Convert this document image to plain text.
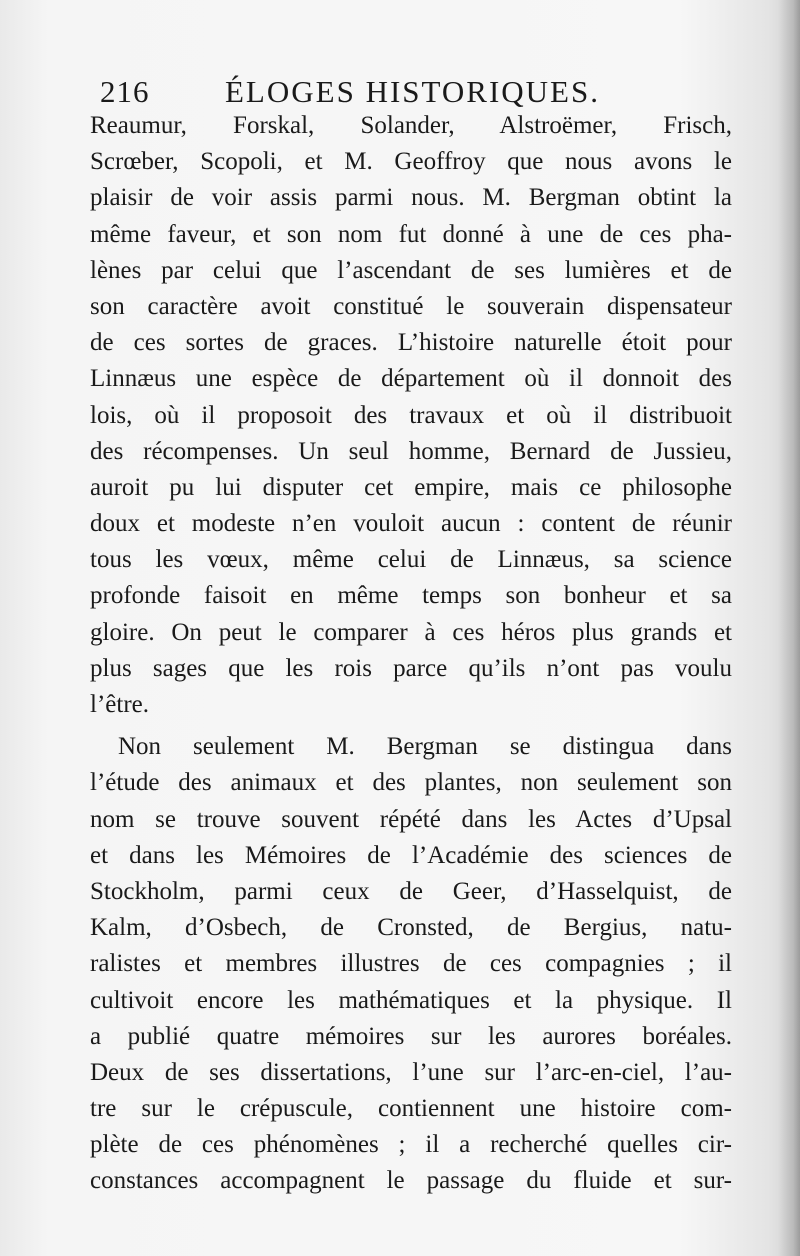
216 ÉLOGES HISTORIQUES.
Reaumur, Forskal, Solander, Alstroëmer, Frisch,
Scrœber, Scopoli, et M. Geoffroy que nous avons le
plaisir de voir assis parmi nous. M. Bergman obtint la
même faveur, et son nom fut donné à une de ces pha-
lènes par celui que l’ascendant de ses lumières et de
son caractère avoit constitué le souverain dispensateur
de ces sortes de graces. L’histoire naturelle étoit pour
Linnæus une espèce de département où il donnoit des
lois, où il proposoit des travaux et où il distribuoit
des récompenses. Un seul homme, Bernard de Jussieu,
auroit pu lui disputer cet empire, mais ce philosophe
doux et modeste n’en vouloit aucun : content de réunir
tous les vœux, même celui de Linnæus, sa science
profonde faisoit en même temps son bonheur et sa
gloire. On peut le comparer à ces héros plus grands et
plus sages que les rois parce qu’ils n’ont pas voulu
l’être.
Non seulement M. Bergman se distingua dans
l’étude des animaux et des plantes, non seulement son
nom se trouve souvent répété dans les Actes d’Upsal
et dans les Mémoires de l’Académie des sciences de
Stockholm, parmi ceux de Geer, d’Hasselquist, de
Kalm, d’Osbech, de Cronsted, de Bergius, natu-
ralistes et membres illustres de ces compagnies ; il
cultivoit encore les mathématiques et la physique. Il
a publié quatre mémoires sur les aurores boréales.
Deux de ses dissertations, l’une sur l’arc-en-ciel, l’au-
tre sur le crépuscule, contiennent une histoire com-
plète de ces phénomènes ; il a recherché quelles cir-
constances accompagnent le passage du fluide et sur-
